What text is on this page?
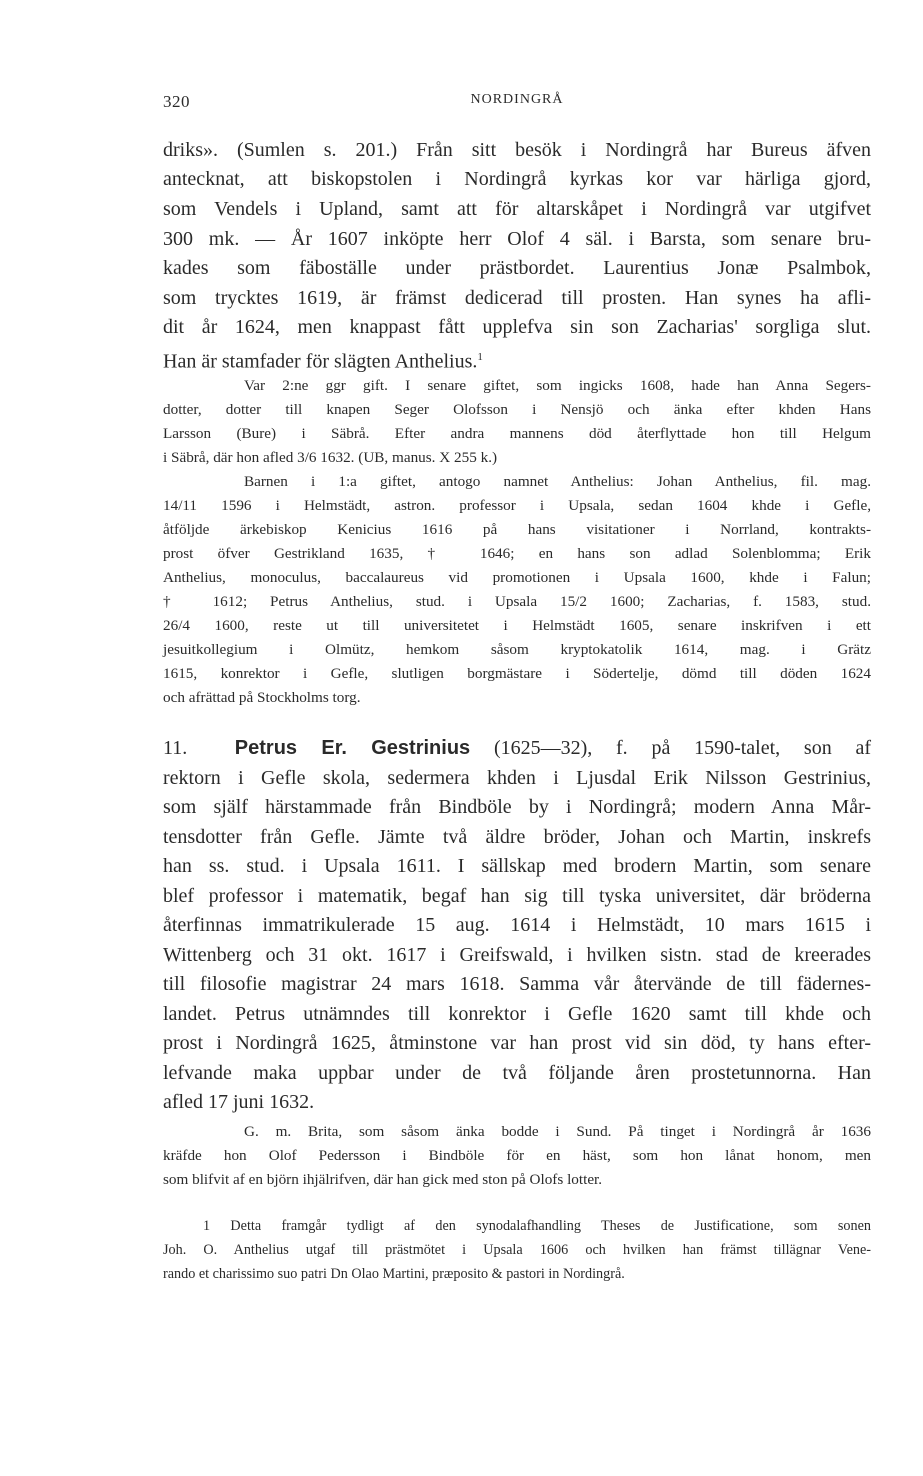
320	NORDINGRÅ
driks». (Sumlen s. 201.) Från sitt besök i Nordingrå har Bureus äfven
antecknat, att biskopstolen i Nordingrå kyrkas kor var härliga gjord,
som Vendels i Upland, samt att för altarskåpet i Nordingrå var utgifvet
300 mk. — År 1607 inköpte herr Olof 4 säl. i Barsta, som senare bru-
kades som fäboställe under prästbordet. Laurentius Jonæ Psalmbok,
som trycktes 1619, är främst dedicerad till prosten. Han synes ha afli-
dit år 1624, men knappast fått upplefva sin son Zacharias' sorgliga slut.
Han är stamfader för slägten Anthelius.$^1$
Var 2:ne ggr gift. I senare giftet, som ingicks 1608, hade han Anna Segers-
dotter, dotter till knapen Seger Olofsson i Nensjö och änka efter khden Hans
Larsson (Bure) i Säbrå. Efter andra mannens död återflyttade hon till Helgum
i Säbrå, där hon afled 3/6 1632. (UB, manus. X 255 k.)
Barnen i 1:a giftet, antogo namnet Anthelius: Johan Anthelius, fil. mag.
14/11 1596 i Helmstädt, astron. professor i Upsala, sedan 1604 khde i Gefle,
åtföljde ärkebiskop Kenicius 1616 på hans visitationer i Norrland, kontrakts-
prost öfver Gestrikland 1635, † 1646; en hans son adlad Solenblomma; Erik
Anthelius, monoculus, baccalaureus vid promotionen i Upsala 1600, khde i Falun;
† 1612; Petrus Anthelius, stud. i Upsala 15/2 1600; Zacharias, f. 1583, stud.
26/4 1600, reste ut till universitetet i Helmstädt 1605, senare inskrifven i ett
jesuitkollegium i Olmütz, hemkom såsom kryptokatolik 1614, mag. i Grätz
1615, konrektor i Gefle, slutligen borgmästare i Södertelje, dömd till döden 1624
och afrättad på Stockholms torg.
11. Petrus Er. Gestrinius (1625—32), f. på 1590-talet, son af
rektorn i Gefle skola, sedermera khden i Ljusdal Erik Nilsson Gestrinius,
som själf härstammade från Bindböle by i Nordingrå; modern Anna Mår-
tensdotter från Gefle. Jämte två äldre bröder, Johan och Martin, inskrefs
han ss. stud. i Upsala 1611. I sällskap med brodern Martin, som senare
blef professor i matematik, begaf han sig till tyska universitet, där bröderna
återfinnas immatrikulerade 15 aug. 1614 i Helmstädt, 10 mars 1615 i
Wittenberg och 31 okt. 1617 i Greifswald, i hvilken sistn. stad de kreerades
till filosofie magistrar 24 mars 1618. Samma vår återvände de till fädernes-
landet. Petrus utnämndes till konrektor i Gefle 1620 samt till khde och
prost i Nordingrå 1625, åtminstone var han prost vid sin död, ty hans efter-
lefvande maka uppbar under de två följande åren prostetunnorna. Han
afled 17 juni 1632.
G. m. Brita, som såsom änka bodde i Sund. På tinget i Nordingrå år 1636
kräfde hon Olof Pedersson i Bindböle för en häst, som hon lånat honom, men
som blifvit af en björn ihjälrifven, där han gick med ston på Olofs lotter.
1 Detta framgår tydligt af den synodalafhandling Theses de Justificatione, som sonen
Joh. O. Anthelius utgaf till prästmötet i Upsala 1606 och hvilken han främst tillägnar Vene-
rando et charissimo suo patri Dn Olao Martini, præposito & pastori in Nordingrå.
